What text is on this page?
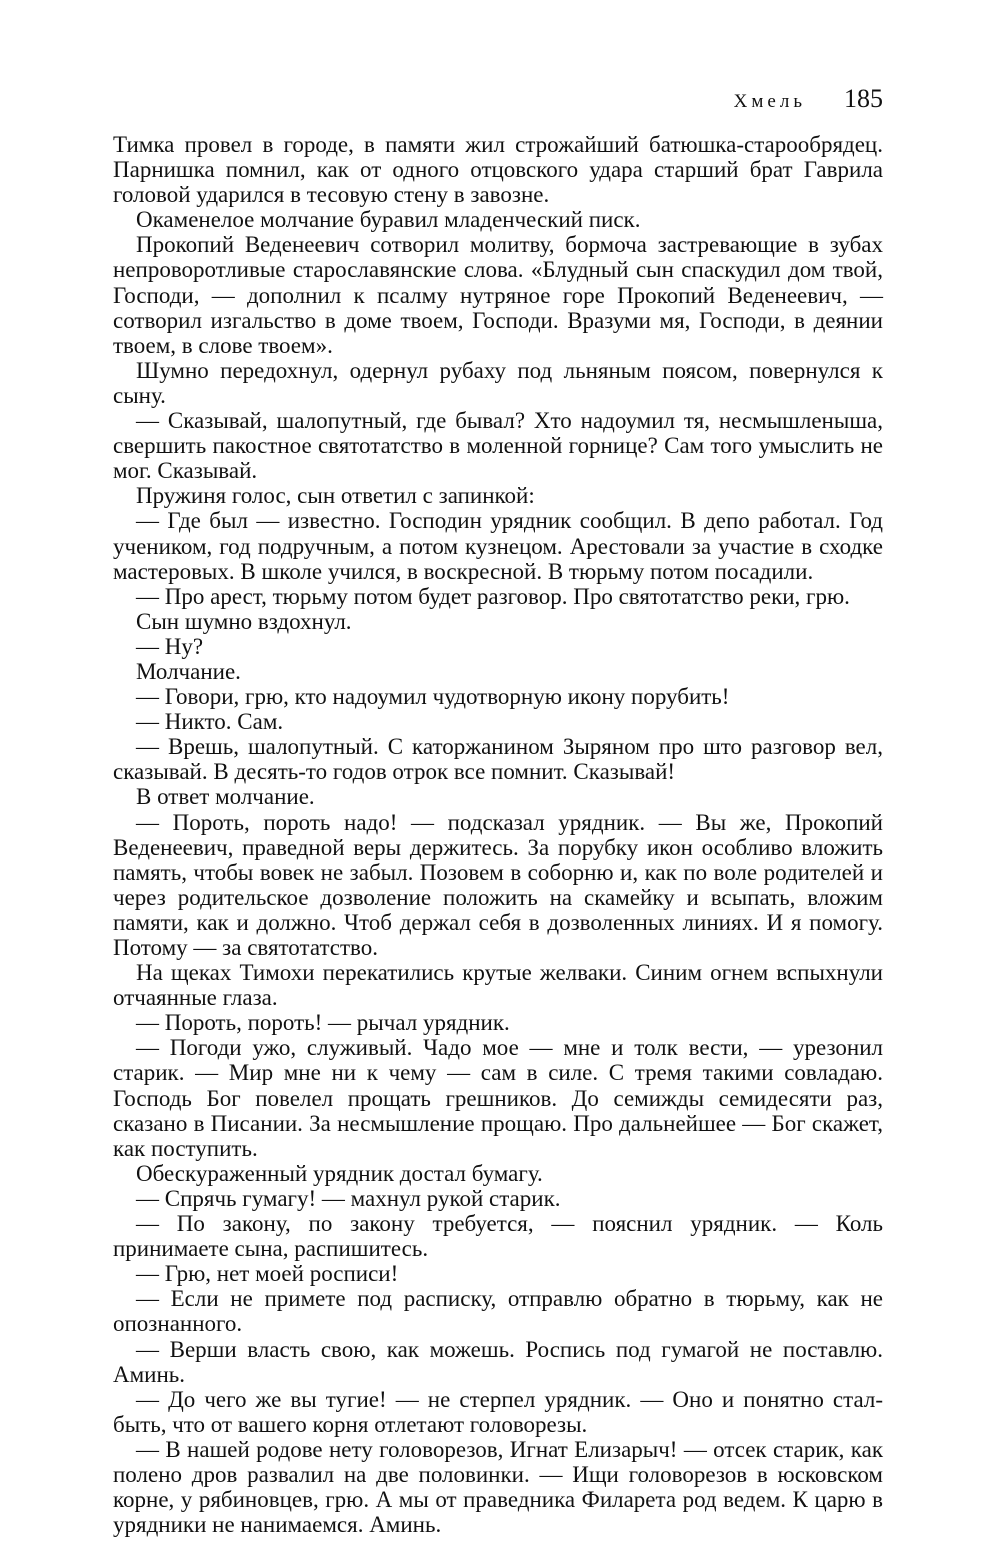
Хмель 185

Тимка провел в городе, в памяти жил строжайший батюшка-старообрядец. Парнишка помнил, как от одного отцовского удара старший брат Гаврила головой ударился в тесовую стену в завозне.

Окаменелое молчание буравил младенческий писк.

Прокопий Веденеевич сотворил молитву, бормоча застревающие в зубах непроворотливые старославянские слова. «Блудный сын спаскудил дом твой, Господи, — дополнил к псалму нутряное горе Прокопий Веденеевич, — сотворил изгальство в доме твоем, Господи. Вразуми мя, Господи, в деянии твоем, в слове твоем».

Шумно передохнул, одернул рубаху под льняным поясом, повернулся к сыну.

— Сказывай, шалопутный, где бывал? Хто надоумил тя, несмышленыша, свершить пакостное святотатство в моленной горнице? Сам того умыслить не мог. Сказывай.

Пружиня голос, сын ответил с запинкой:

— Где был — известно. Господин урядник сообщил. В депо работал. Год учеником, год подручным, а потом кузнецом. Арестовали за участие в сходке мастеровых. В школе учился, в воскресной. В тюрьму потом посадили.

— Про арест, тюрьму потом будет разговор. Про святотатство реки, грю.

Сын шумно вздохнул.

— Ну?

Молчание.

— Говори, грю, кто надоумил чудотворную икону порубить!

— Никто. Сам.

— Врешь, шалопутный. С каторжанином Зыряном про што разговор вел, сказывай. В десять-то годов отрок все помнит. Сказывай!

В ответ молчание.

— Пороть, пороть надо! — подсказал урядник. — Вы же, Прокопий Веденеевич, праведной веры держитесь. За порубку икон особливо вложить память, чтобы вовек не забыл. Позовем в соборню и, как по воле родителей и через родительское дозволение положить на скамейку и всыпать, вложим памяти, как и должно. Чтоб держал себя в дозволенных линиях. И я помогу. Потому — за святотатство.

На щеках Тимохи перекатились крутые желваки. Синим огнем вспыхнули отчаянные глаза.

— Пороть, пороть! — рычал урядник.

— Погоди ужо, служивый. Чадо мое — мне и толк вести, — урезонил старик. — Мир мне ни к чему — сам в силе. С тремя такими совладаю. Господь Бог повелел прощать грешников. До семижды семидесяти раз, сказано в Писании. За несмышление прощаю. Про дальнейшее — Бог скажет, как поступить.

Обескураженный урядник достал бумагу.

— Спрячь гумагу! — махнул рукой старик.

— По закону, по закону требуется, — пояснил урядник. — Коль принимаете сына, распишитесь.

— Грю, нет моей росписи!

— Если не примете под расписку, отправлю обратно в тюрьму, как не опознанного.

— Верши власть свою, как можешь. Роспись под гумагой не поставлю. Аминь.

— До чего же вы тугие! — не стерпел урядник. — Оно и понятно стал-быть, что от вашего корня отлетают головорезы.

— В нашей родове нету головорезов, Игнат Елизарыч! — отсек старик, как полено дров развалил на две половинки. — Ищи головорезов в юсковском корне, у рябиновцев, грю. А мы от праведника Филарета род ведем. К царю в урядники не нанимаемся. Аминь.
